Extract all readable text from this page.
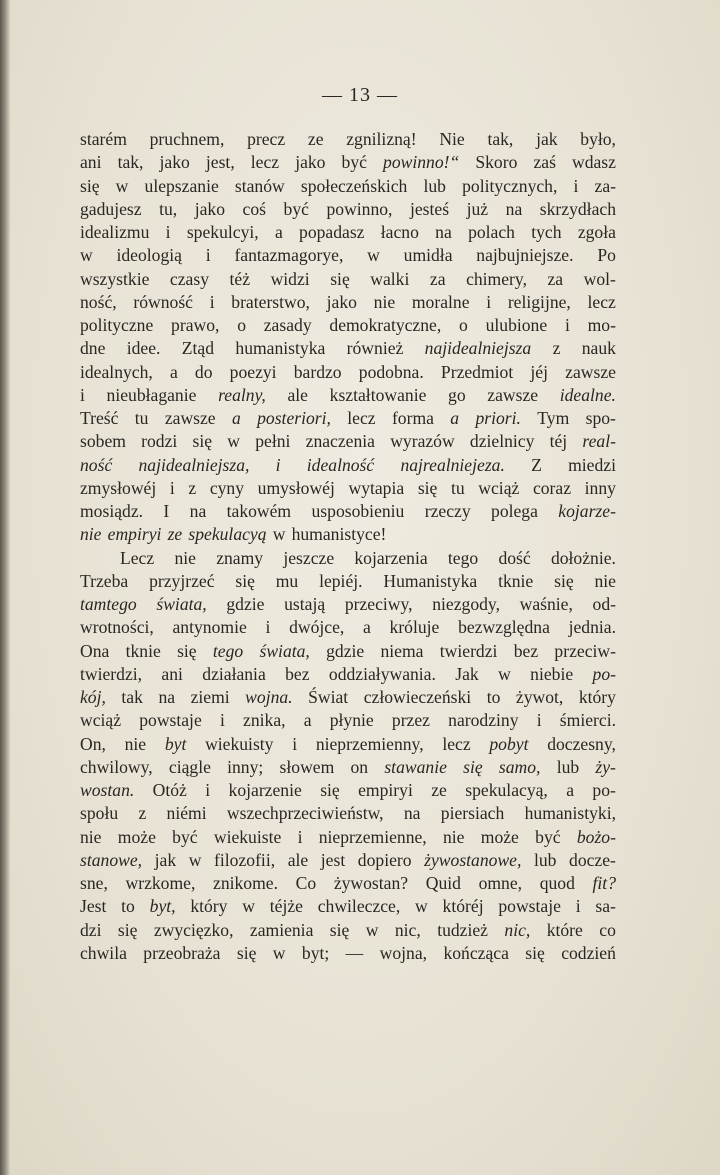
— 13 —
starém pruchnem, precz ze zgnilizną! Nie tak, jak było,
ani tak, jako jest, lecz jako być powinno!“ Skoro zaś wdasz
się w ulepszanie stanów społeczeńskich lub politycznych, i za-
gadujesz tu, jako coś być powinno, jesteś już na skrzydłach
idealizmu i spekulcyi, a popadasz łacno na polach tych zgoła
w ideologią i fantazmagorye, w umidła najbujniejsze. Po
wszystkie czasy téż widzi się walki za chimery, za wol-
ność, równość i braterstwo, jako nie moralne i religijne, lecz
polityczne prawo, o zasady demokratyczne, o ulubione i mo-
dne idee. Ztąd humanistyka również najidealniejsza z nauk
idealnych, a do poezyi bardzo podobna. Przedmiot jéj zawsze
i nieubłaganie realny, ale kształtowanie go zawsze idealne.
Treść tu zawsze a posteriori, lecz forma a priori. Tym spo-
sobem rodzi się w pełni znaczenia wyrazów dzielnicy téj real-
ność najidealniejsza, i idealność najrealniejeza. Z miedzi
zmysłowéj i z cyny umysłowéj wytapia się tu wciąż coraz inny
mosiądz. I na takowém usposobieniu rzeczy polega kojarze-
nie empiryi ze spekulacyą w humanistyce!
Lecz nie znamy jeszcze kojarzenia tego dość dołożnie.
Trzeba przyjrzeć się mu lepiéj. Humanistyka tknie się nie
tamtego świata, gdzie ustają przeciwy, niezgody, waśnie, od-
wrotności, antynomie i dwójce, a króluje bezwzględna jednia.
Ona tknie się tego świata, gdzie niema twierdzi bez przeciw-
twierdzi, ani działania bez oddziaływania. Jak w niebie po-
kój, tak na ziemi wojna. Świat człowieczeński to żywot, który
wciąż powstaje i znika, a płynie przez narodziny i śmierci.
On, nie byt wiekuisty i nieprzemienny, lecz pobyt doczesny,
chwilowy, ciągle inny; słowem on stawanie się samo, lub ży-
wostan. Otóż i kojarzenie się empiryi ze spekulacyą, a po-
społu z niémi wszechprzeciwieństw, na piersiach humanistyki,
nie może być wiekuiste i nieprzemienne, nie może być bożo-
stanowe, jak w filozofii, ale jest dopiero żywostanowe, lub docze-
sne, wrzkome, znikome. Co żywostan? Quid omne, quod fit?
Jest to byt, który w téjże chwileczce, w któréj powstaje i sa-
dzi się zwycięzko, zamienia się w nic, tudzież nic, które co
chwila przeobraża się w byt; — wojna, kończąca się codzień
